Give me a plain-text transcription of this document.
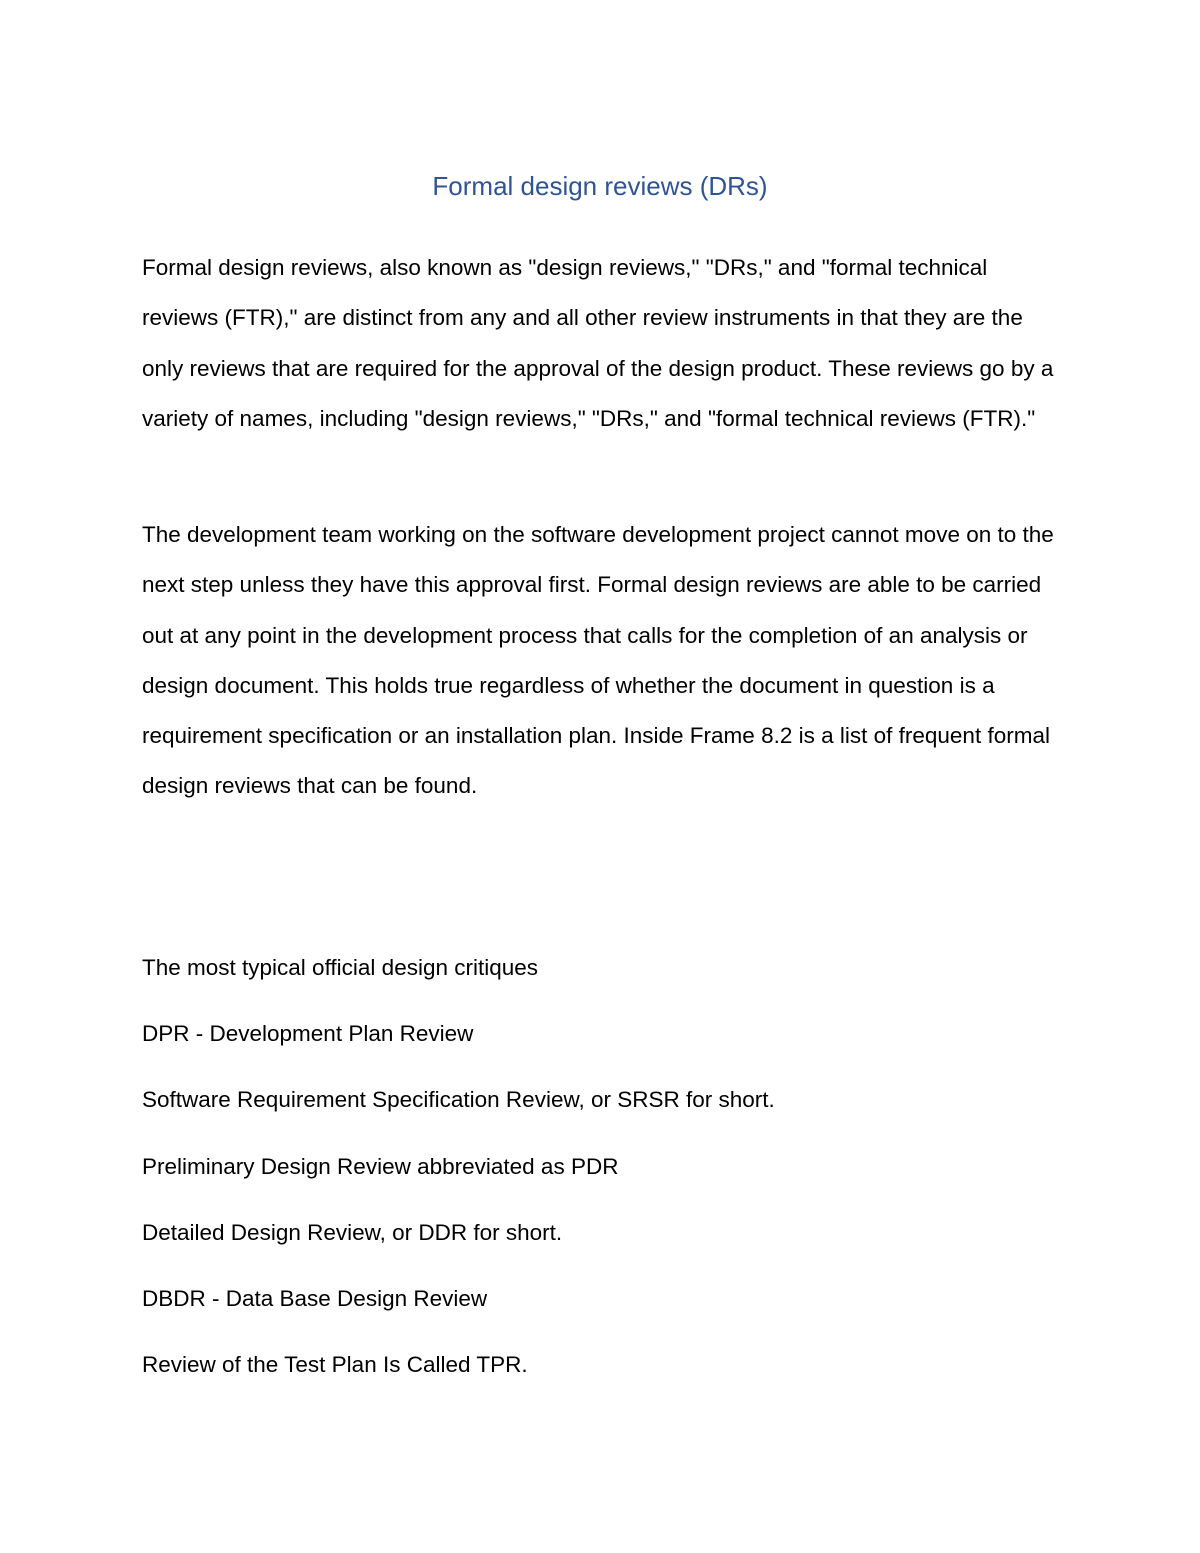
Formal design reviews (DRs)

Formal design reviews, also known as "design reviews," "DRs," and "formal technical reviews (FTR)," are distinct from any and all other review instruments in that they are the only reviews that are required for the approval of the design product. These reviews go by a variety of names, including "design reviews," "DRs," and "formal technical reviews (FTR)."

The development team working on the software development project cannot move on to the next step unless they have this approval first. Formal design reviews are able to be carried out at any point in the development process that calls for the completion of an analysis or design document. This holds true regardless of whether the document in question is a requirement specification or an installation plan. Inside Frame 8.2 is a list of frequent formal design reviews that can be found.

The most typical official design critiques
DPR - Development Plan Review
Software Requirement Specification Review, or SRSR for short.
Preliminary Design Review abbreviated as PDR
Detailed Design Review, or DDR for short.
DBDR - Data Base Design Review
Review of the Test Plan Is Called TPR.
